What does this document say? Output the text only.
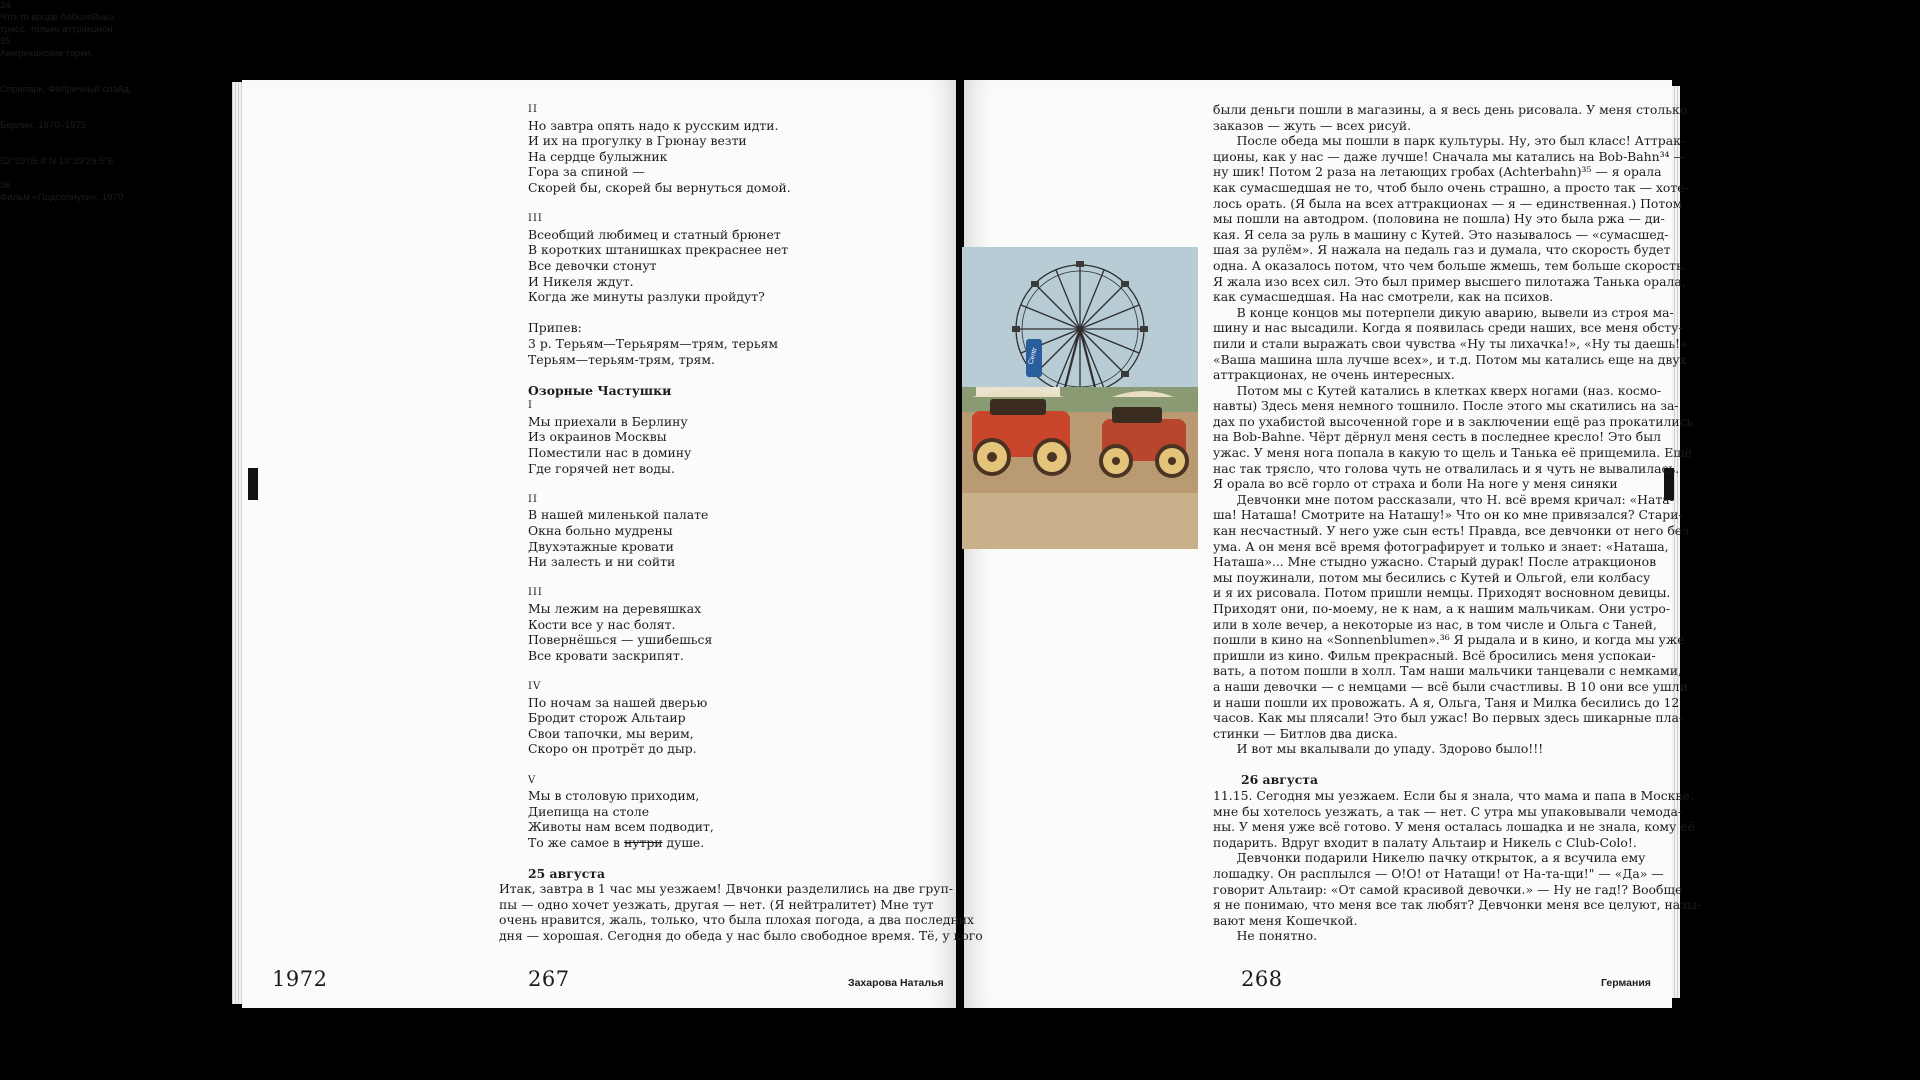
II
Но завтра опять надо к русским идти.
И их на прогулку в Грюнау везти
На сердце булыжник
Гора за спиной —
Скорей бы, скорей бы вернуться домой.
III
Всеобщий любимец и статный брюнет
В коротких штанишках прекраснее нет
Все девочки стонут
И Никеля ждут.
Когда же минуты разлуки пройдут?
Припев:
3 р. Терьям—Терьярям—трям, терьям
Терьям—терьям-трям, трям.
Озорные Частушки
I
Мы приехали в Берлину
Из окраинов Москвы
Поместили нас в домину
Где горячей нет воды.
II
В нашей миленькой палате
Окна больно мудрены
Двухэтажные кровати
Ни залесть и ни сойти
III
Мы лежим на деревяшках
Кости все у нас болят.
Повернёшься — ушибешься
Все кровати заскрипят.
IV
По ночам за нашей дверью
Бродит сторож Альтаир
Свои тапочки, мы верим,
Скоро он протрёт до дыр.
V
Мы в столовую приходим,
Диепища на столе
Животы нам всем подводит,
То же самое в нутри душе.
25 августа
Итак, завтра в 1 час мы уезжаем! Двчонки разделились на две груп-
пы — одно хочет уезжать, другая — нет. (Я нейтралитет) Мне тут
очень нравится, жаль, только, что была плохая погода, а два последних
дня — хорошая. Сегодня до обеда у нас было свободное время. Тё, у кого
1972	267	Захарова Наталья
34
Что-то вроде бобслейных
трасс, только аттракцион.
35
Американские горки.
Centr

Сприпарк, Фабричный слайд,

Берлин, 1970–1975

52°29'05.4"N 13°29'29.5"E

36
Фильм «Подсолнухи», 1970
были деньги пошли в магазины, а я весь день рисовала. У меня столько
заказов — жуть — всех рисуй.
После обеда мы пошли в парк культуры. Ну, это был класс! Аттрак-
ционы, как у нас — даже лучше! Сначала мы катались на Bob-Bahn³⁴ —
ну шик! Потом 2 раза на летающих гробах (Achterbahn)³⁵ — я орала
как сумасшедшая не то, чтоб было очень страшно, а просто так — хоте-
лось орать. (Я была на всех аттракционах — я — единственная.) Потом
мы пошли на автодром. (половина не пошла) Ну это была ржа — ди-
кая. Я села за руль в машину с Кутей. Это называлось — «сумасшед-
шая за рулём». Я нажала на педаль газ и думала, что скорость будет
одна. А оказалось потом, что чем больше жмешь, тем больше скорость.
Я жала изо всех сил. Это был пример высшего пилотажа Танька орала,
как сумасшедшая. На нас смотрели, как на психов.
В конце концов мы потерпели дикую аварию, вывели из строя ма-
шину и нас высадили. Когда я появилась среди наших, все меня обсту-
пили и стали выражать свои чувства «Ну ты лихачка!», «Ну ты даешь!»
«Ваша машина шла лучше всех», и т.д. Потом мы катались еще на двух
аттракционах, не очень интересных.
Потом мы с Кутей катались в клетках кверх ногами (наз. космо-
навты) Здесь меня немного тошнило. После этого мы скатились на за-
дах по ухабистой высоченной горе и в заключении ещё раз прокатились
на Bob-Bahne. Чёрт дёрнул меня сесть в последнее кресло! Это был
ужас. У меня нога попала в какую то щель и Танька её прищемила. Ещё
нас так трясло, что голова чуть не отвалилась и я чуть не вывалилась.
Я орала во всё горло от страха и боли На ноге у меня синяки
Девчонки мне потом рассказали, что Н. всё время кричал: «Ната-
ша! Наташа! Смотрите на Наташу!» Что он ко мне привязался? Стари-
кан несчастный. У него уже сын есть! Правда, все девчонки от него без
ума. А он меня всё время фотографирует и только и знает: «Наташа,
Наташа»... Мне стыдно ужасно. Старый дурак! После атракционов
мы поужинали, потом мы бесились с Кутей и Ольгой, ели колбасу
и я их рисовала. Потом пришли немцы. Приходят восновном девицы.
Приходят они, по-моему, не к нам, а к нашим мальчикам. Они устро-
или в холе вечер, а некоторые из нас, в том числе и Ольга с Таней,
пошли в кино на «Sonnenblumen».³⁶ Я рыдала и в кино, и когда мы уже
пришли из кино. Фильм прекрасный. Всё бросились меня успокаи-
вать, а потом пошли в холл. Там наши мальчики танцевали с немками,
а наши девочки — с немцами — всё были счастливы. В 10 они все ушли
и наши пошли их провожать. А я, Ольга, Таня и Милка бесились до 12
часов. Как мы плясали! Это был ужас! Во первых здесь шикарные пла-
стинки — Битлов два диска.
И вот мы вкалывали до упаду. Здорово было!!!
26 августа
11.15. Сегодня мы уезжаем. Если бы я знала, что мама и папа в Москве,
мне бы хотелось уезжать, а так — нет. С утра мы упаковывали чемода-
ны. У меня уже всё готово. У меня осталась лошадка и не знала, кому её
подарить. Вдруг входит в палату Альтаир и Никель с Club-Colo!.
Девчонки подарили Никелю пачку открыток, а я всучила ему
лошадку. Он расплылся — О!О! от Натащи! от На-та-щи!" — «Да» —
говорит Альтаир: «От самой красивой девочки.» — Ну не гад!? Вообще
я не понимаю, что меня все так любят? Девчонки меня все целуют, назы-
вают меня Кошечкой.
Не понятно.
268	Германия
